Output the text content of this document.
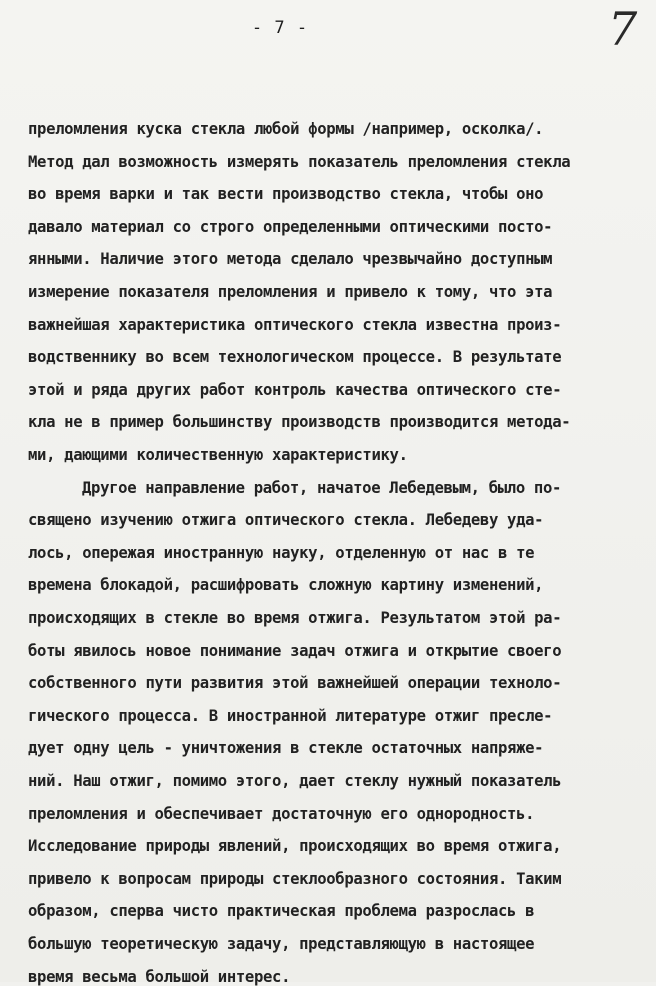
- 7 -	7
преломления куска стекла любой формы /например, осколка/.
Метод дал возможность измерять показатель преломления стекла
во время варки и так вести производство стекла, чтобы оно
давало материал со строго определенными оптическими посто-
янными. Наличие этого метода сделало чрезвычайно доступным
измерение показателя преломления и привело к тому, что эта
важнейшая характеристика оптического стекла известна произ-
водственнику во всем технологическом процессе. В результате
этой и ряда других работ контроль качества оптического сте-
кла не в пример большинству производств производится метода-
ми, дающими количественную характеристику.
Другое направление работ, начатое Лебедевым, было по-
священо изучению отжига оптического стекла. Лебедеву уда-
лось, опережая иностранную науку, отделенную от нас в те
времена блокадой, расшифровать сложную картину изменений,
происходящих в стекле во время отжига. Результатом этой ра-
боты явилось новое понимание задач отжига и открытие своего
собственного пути развития этой важнейшей операции техноло-
гического процесса. В иностранной литературе отжиг преслe-
дует одну цель - уничтожения в стекле остаточных напряже-
ний. Наш отжиг, помимо этого, дает стеклу нужный показатель
преломления и обеспечивает достаточную его однородность.
Исследование природы явлений, происходящих во время отжига,
привело к вопросам природы стеклообразного состояния. Таким
образом, сперва чисто практическая проблема разрослась в
большую теоретическую задачу, представляющую в настоящее
время весьма большой интерес.
